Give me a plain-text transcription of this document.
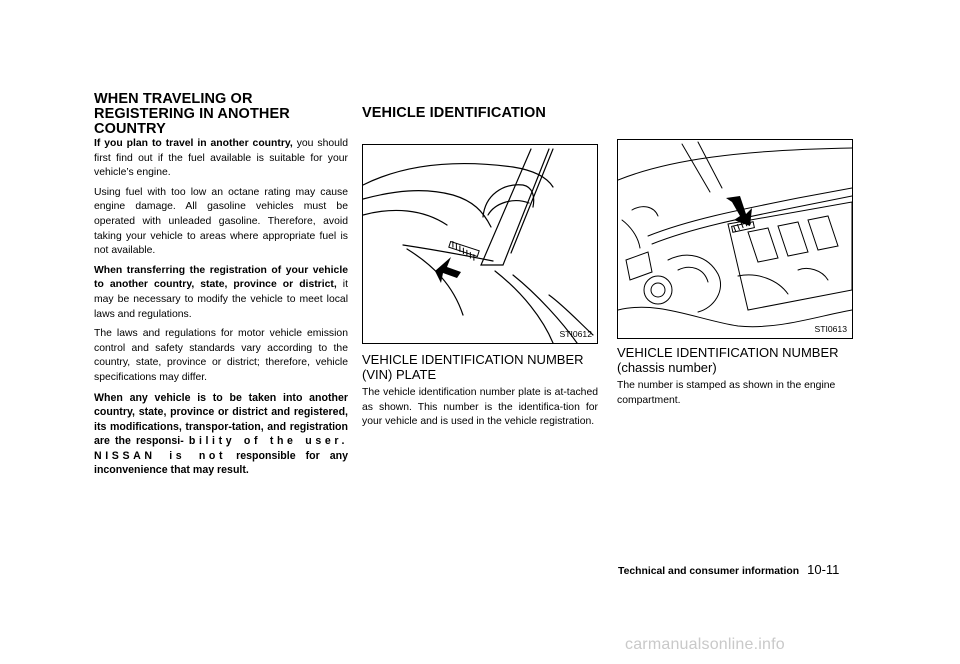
WHEN TRAVELING OR REGISTERING IN ANOTHER COUNTRY

If you plan to travel in another country, you should first find out if the fuel available is suitable for your vehicle’s engine.

Using fuel with too low an octane rating may cause engine damage. All gasoline vehicles must be operated with unleaded gasoline. Therefore, avoid taking your vehicle to areas where appropriate fuel is not available.

When transferring the registration of your vehicle to another country, state, province or district, it may be necessary to modify the vehicle to meet local laws and regulations.

The laws and regulations for motor vehicle emission control and safety standards vary according to the country, state, province or district; therefore, vehicle specifications may differ.

When any vehicle is to be taken into another country, state, province or district and registered, its modifications, transpor-tation, and registration are the responsi- bility of the user. NISSAN is not responsible for any inconvenience that may result.

VEHICLE IDENTIFICATION
STI0612
VEHICLE IDENTIFICATION NUMBER (VIN) PLATE

The vehicle identification number plate is at-tached as shown. This number is the identifica-tion for your vehicle and is used in the vehicle registration.

STI0613
VEHICLE IDENTIFICATION NUMBER
(chassis number)

The number is stamped as shown in the engine compartment.

Technical and consumer information 10-11
carmanualsonline.info
